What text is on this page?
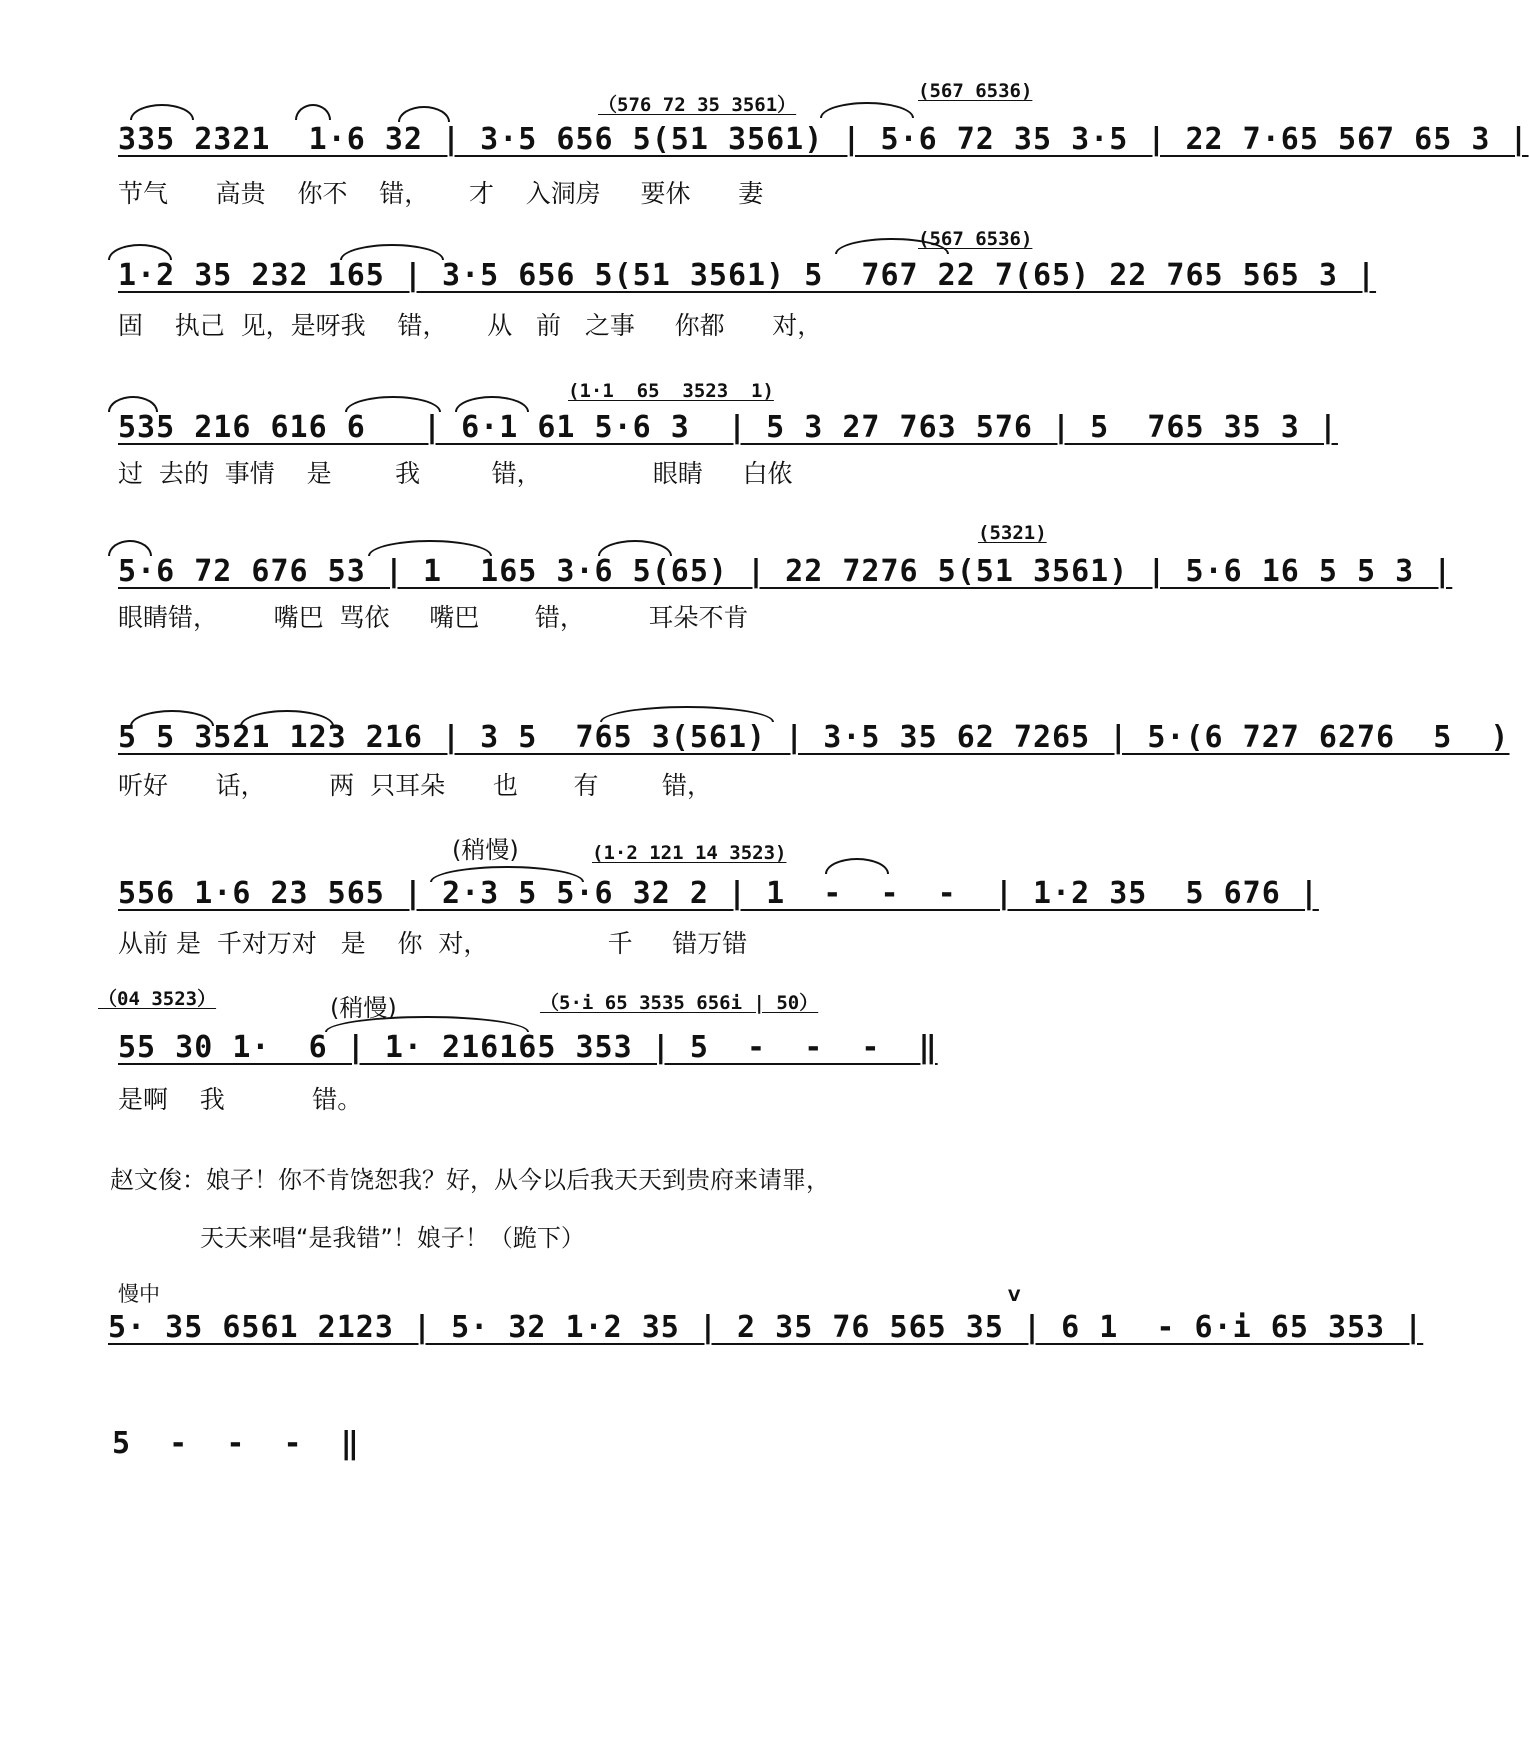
（576 72 35 3561）
(567 6536)
335 2321  1·6 32 | 3·5 656 5(51 3561) | 5·6 72 35 3·5 | 22 7·65 567 65 3 |
节气      高贵    你不    错，     才    入洞房     要休      妻
(567 6536)
1·2 35 232 165 | 3·5 656 5(51 3561) 5  767 22 7(65) 22 765 565 3 |
固    执己  见，是呀我    错，     从   前   之事     你都      对，
(1·1  65  3523  1)
535 216 616 6   | 6·1 61 5·6 3  | 5 3 27 763 576 | 5  765 35 3 |
过  去的  事情    是        我         错，              眼睛     白侬
(5321)
5·6 72 676 53 | 1  165 3·6 5(65) | 22 7276 5(51 3561) | 5·6 16 5 5 3 |
眼睛错，       嘴巴  骂依     嘴巴       错，        耳朵不肯
5 5 3521 123 216 | 3 5  765 3(561) | 3·5 35 62 7265 | 5·(6 727 6276  5  )
听好      话，        两  只耳朵      也       有        错，
(稍慢)	(1·2 121 14 3523)
556 1·6 23 565 | 2·3 5 5·6 32 2 | 1  -  -  -  | 1·2 35  5 676 |
从前 是  千对万对   是    你  对，               千     错万错
（04 3523）	(稍慢)	（5·i 65 3535 656i | 50）
55 30 1·  6 | 1· 216165 353 | 5  -  -  -  ‖
是啊    我           错。
赵文俊：娘子！你不肯饶恕我？好，从今以后我天天到贵府来请罪，
天天来唱“是我错”！娘子！（跪下）
慢中	V
5· 35 6561 2123 | 5· 32 1·2 35 | 2 35 76 565 35 | 6 1  - 6·i 65 353 |
5  -  -  -  ‖
